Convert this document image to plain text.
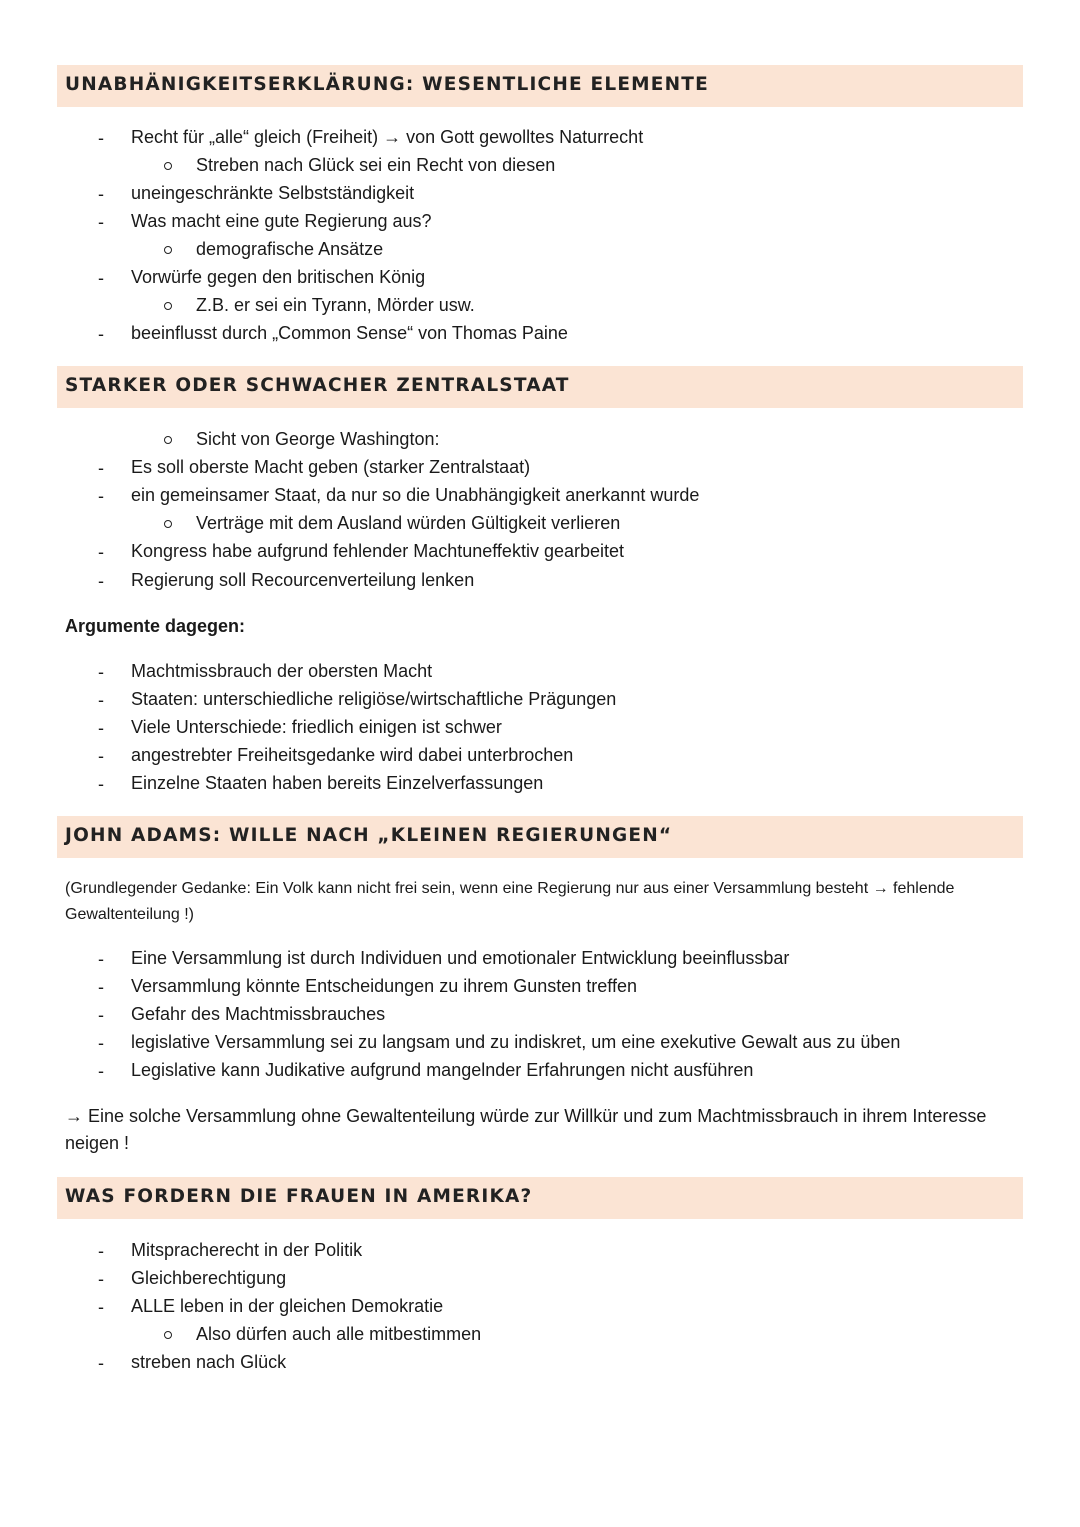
UNABHÄNIGKEITSERKLÄRUNG: WESENTLICHE ELEMENTE
- Recht für „alle“ gleich (Freiheit) → von Gott gewolltes Naturrecht
Streben nach Glück sei ein Recht von diesen
- uneingeschränkte Selbstständigkeit
- Was macht eine gute Regierung aus?
demografische Ansätze
- Vorwürfe gegen den britischen König
Z.B. er sei ein Tyrann, Mörder usw.
- beeinflusst durch „Common Sense“ von Thomas Paine
STARKER ODER SCHWACHER ZENTRALSTAAT
Sicht von George Washington:
- Es soll oberste Macht geben (starker Zentralstaat)
- ein gemeinsamer Staat, da nur so die Unabhängigkeit anerkannt wurde
Verträge mit dem Ausland würden Gültigkeit verlieren
- Kongress habe aufgrund fehlender Machtuneffektiv gearbeitet
- Regierung soll Recourcenverteilung lenken
Argumente dagegen:
- Machtmissbrauch der obersten Macht
- Staaten: unterschiedliche religiöse/wirtschaftliche Prägungen
- Viele Unterschiede: friedlich einigen ist schwer
- angestrebter Freiheitsgedanke wird dabei unterbrochen
- Einzelne Staaten haben bereits Einzelverfassungen
JOHN ADAMS: WILLE NACH „KLEINEN REGIERUNGEN“
(Grundlegender Gedanke: Ein Volk kann nicht frei sein, wenn eine Regierung nur aus einer Versammlung besteht → fehlende
Gewaltenteilung !)
- Eine Versammlung ist durch Individuen und emotionaler Entwicklung beeinflussbar
- Versammlung könnte Entscheidungen zu ihrem Gunsten treffen
- Gefahr des Machtmissbrauches
- legislative Versammlung sei zu langsam und zu indiskret, um eine exekutive Gewalt aus zu üben
- Legislative kann Judikative aufgrund mangelnder Erfahrungen nicht ausführen
→ Eine solche Versammlung ohne Gewaltenteilung würde zur Willkür und zum Machtmissbrauch in ihrem Interesse
neigen !
WAS FORDERN DIE FRAUEN IN AMERIKA?
- Mitspracherecht in der Politik
- Gleichberechtigung
- ALLE leben in der gleichen Demokratie
Also dürfen auch alle mitbestimmen
- streben nach Glück
